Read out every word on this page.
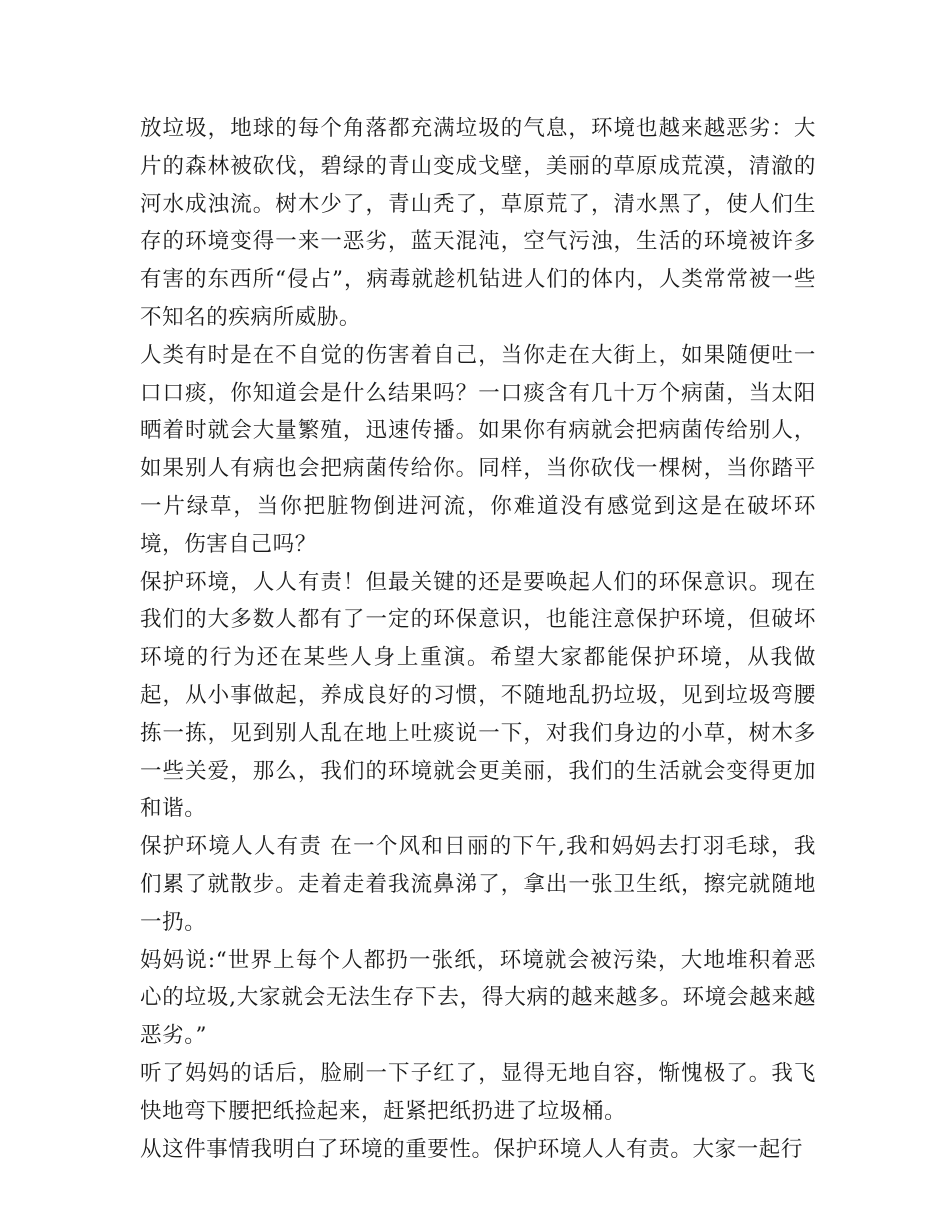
放垃圾，地球的每个角落都充满垃圾的气息，环境也越来越恶劣：大片的森林被砍伐，碧绿的青山变成戈壁，美丽的草原成荒漠，清澈的河水成浊流。树木少了，青山秃了，草原荒了，清水黑了，使人们生存的环境变得一来一恶劣，蓝天混沌，空气污浊，生活的环境被许多有害的东西所“侵占”，病毒就趁机钻进人们的体内，人类常常被一些不知名的疾病所威胁。

人类有时是在不自觉的伤害着自己，当你走在大街上，如果随便吐一口口痰，你知道会是什么结果吗？一口痰含有几十万个病菌，当太阳晒着时就会大量繁殖，迅速传播。如果你有病就会把病菌传给别人，如果别人有病也会把病菌传给你。同样，当你砍伐一棵树，当你踏平一片绿草，当你把脏物倒进河流，你难道没有感觉到这是在破坏环境，伤害自己吗？

保护环境，人人有责！但最关键的还是要唤起人们的环保意识。现在我们的大多数人都有了一定的环保意识，也能注意保护环境，但破坏环境的行为还在某些人身上重演。希望大家都能保护环境，从我做起，从小事做起，养成良好的习惯，不随地乱扔垃圾，见到垃圾弯腰拣一拣，见到别人乱在地上吐痰说一下，对我们身边的小草，树木多一些关爱，那么，我们的环境就会更美丽，我们的生活就会变得更加和谐。

保护环境人人有责 在一个风和日丽的下午,我和妈妈去打羽毛球，我们累了就散步。走着走着我流鼻涕了，拿出一张卫生纸，擦完就随地一扔。

妈妈说:“世界上每个人都扔一张纸，环境就会被污染，大地堆积着恶心的垃圾,大家就会无法生存下去，得大病的越来越多。环境会越来越恶劣。”

听了妈妈的话后，脸刷一下子红了，显得无地自容，惭愧极了。我飞快地弯下腰把纸捡起来，赶紧把纸扔进了垃圾桶。

从这件事情我明白了环境的重要性。保护环境人人有责。大家一起行
